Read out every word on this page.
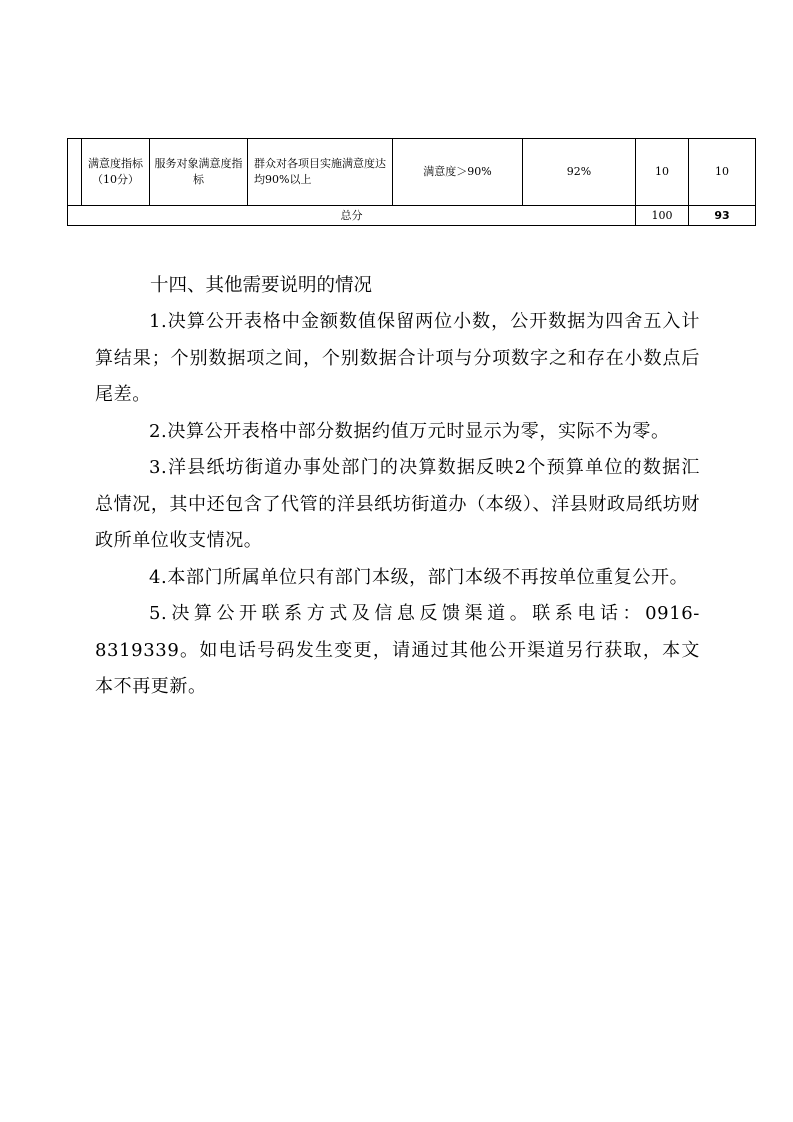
	满意度指标（10分）	服务对象满意度指标	群众对各项目实施满意度达均90%以上	满意度＞90%	92%	10	10
总分						100	93

十四、其他需要说明的情况

1.决算公开表格中金额数值保留两位小数，公开数据为四舍五入计算结果；个别数据项之间，个别数据合计项与分项数字之和存在小数点后尾差。

2.决算公开表格中部分数据约值万元时显示为零，实际不为零。

3.洋县纸坊街道办事处部门的决算数据反映2个预算单位的数据汇总情况，其中还包含了代管的洋县纸坊街道办（本级）、洋县财政局纸坊财政所单位收支情况。

4.本部门所属单位只有部门本级，部门本级不再按单位重复公开。

5.决算公开联系方式及信息反馈渠道。联系电话：0916-8319339。如电话号码发生变更，请通过其他公开渠道另行获取，本文本不再更新。
